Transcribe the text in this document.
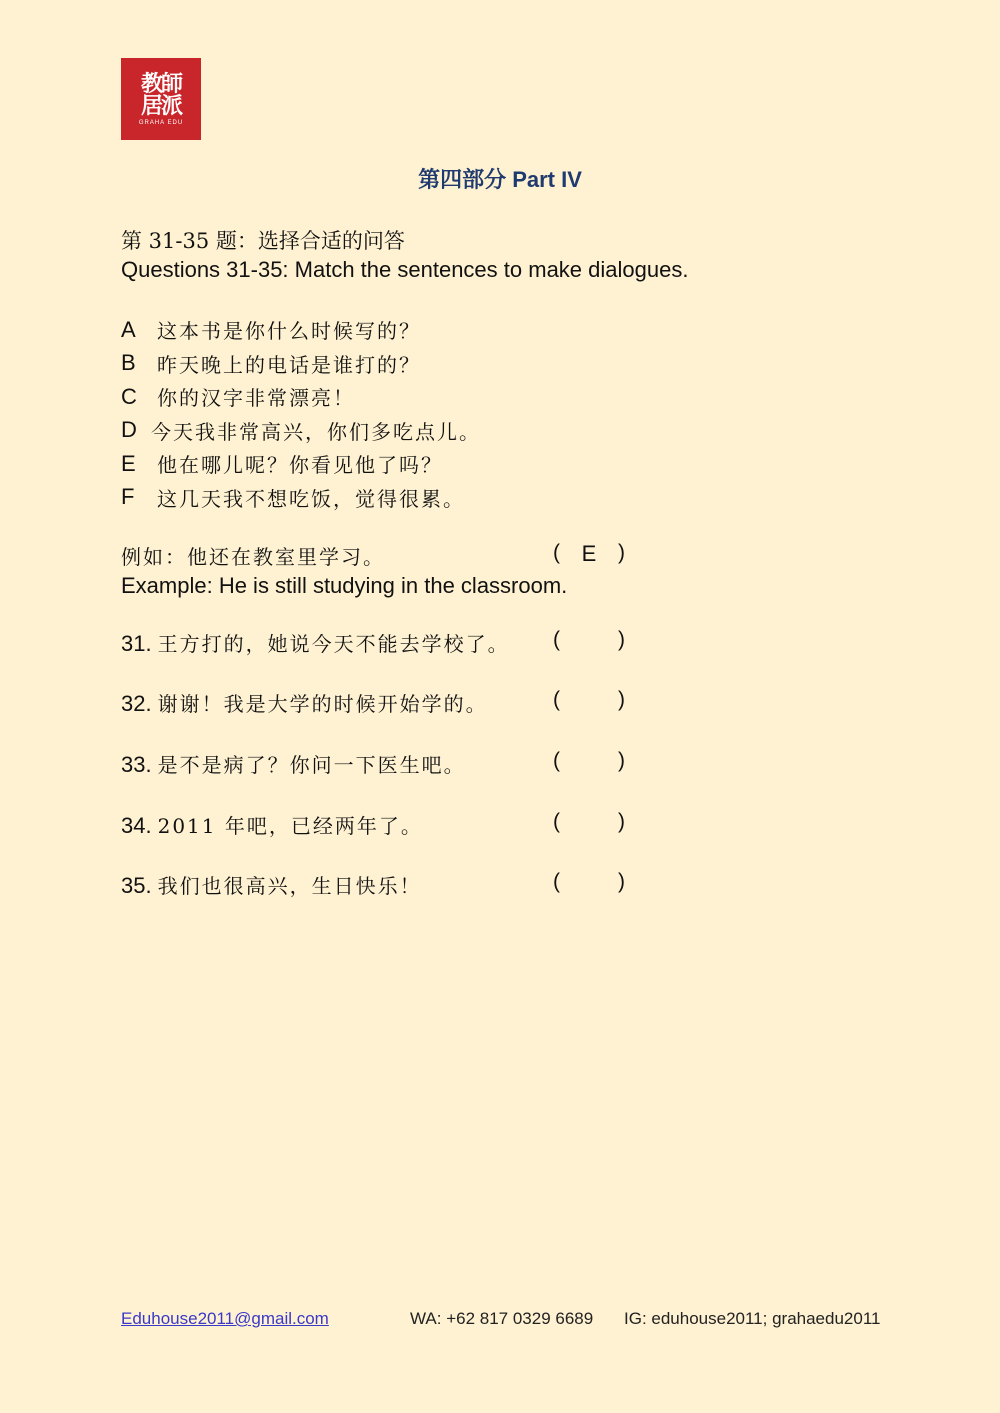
教師居派
GRAHA EDU
第四部分 Part IV
第 31-35 题：选择合适的问答
Questions 31-35: Match the sentences to make dialogues.
A	这本书是你什么时候写的？
B	昨天晚上的电话是谁打的？
C	你的汉字非常漂亮！
D 今天我非常高兴，你们多吃点儿。
E	他在哪儿呢？你看见他了吗？
F	这几天我不想吃饭，觉得很累。
例如：他还在教室里学习。	( E )
Example: He is still studying in the classroom.
31. 王方打的，她说今天不能去学校了。 (	)
32. 谢谢！我是大学的时候开始学的。	(	)
33. 是不是病了？你问一下医生吧。	(	)
34. 2011 年吧，已经两年了。	(	)
35. 我们也很高兴，生日快乐！	(	)
Eduhouse2011@gmail.com	WA: +62 817 0329 6689 IG: eduhouse2011; grahaedu2011
